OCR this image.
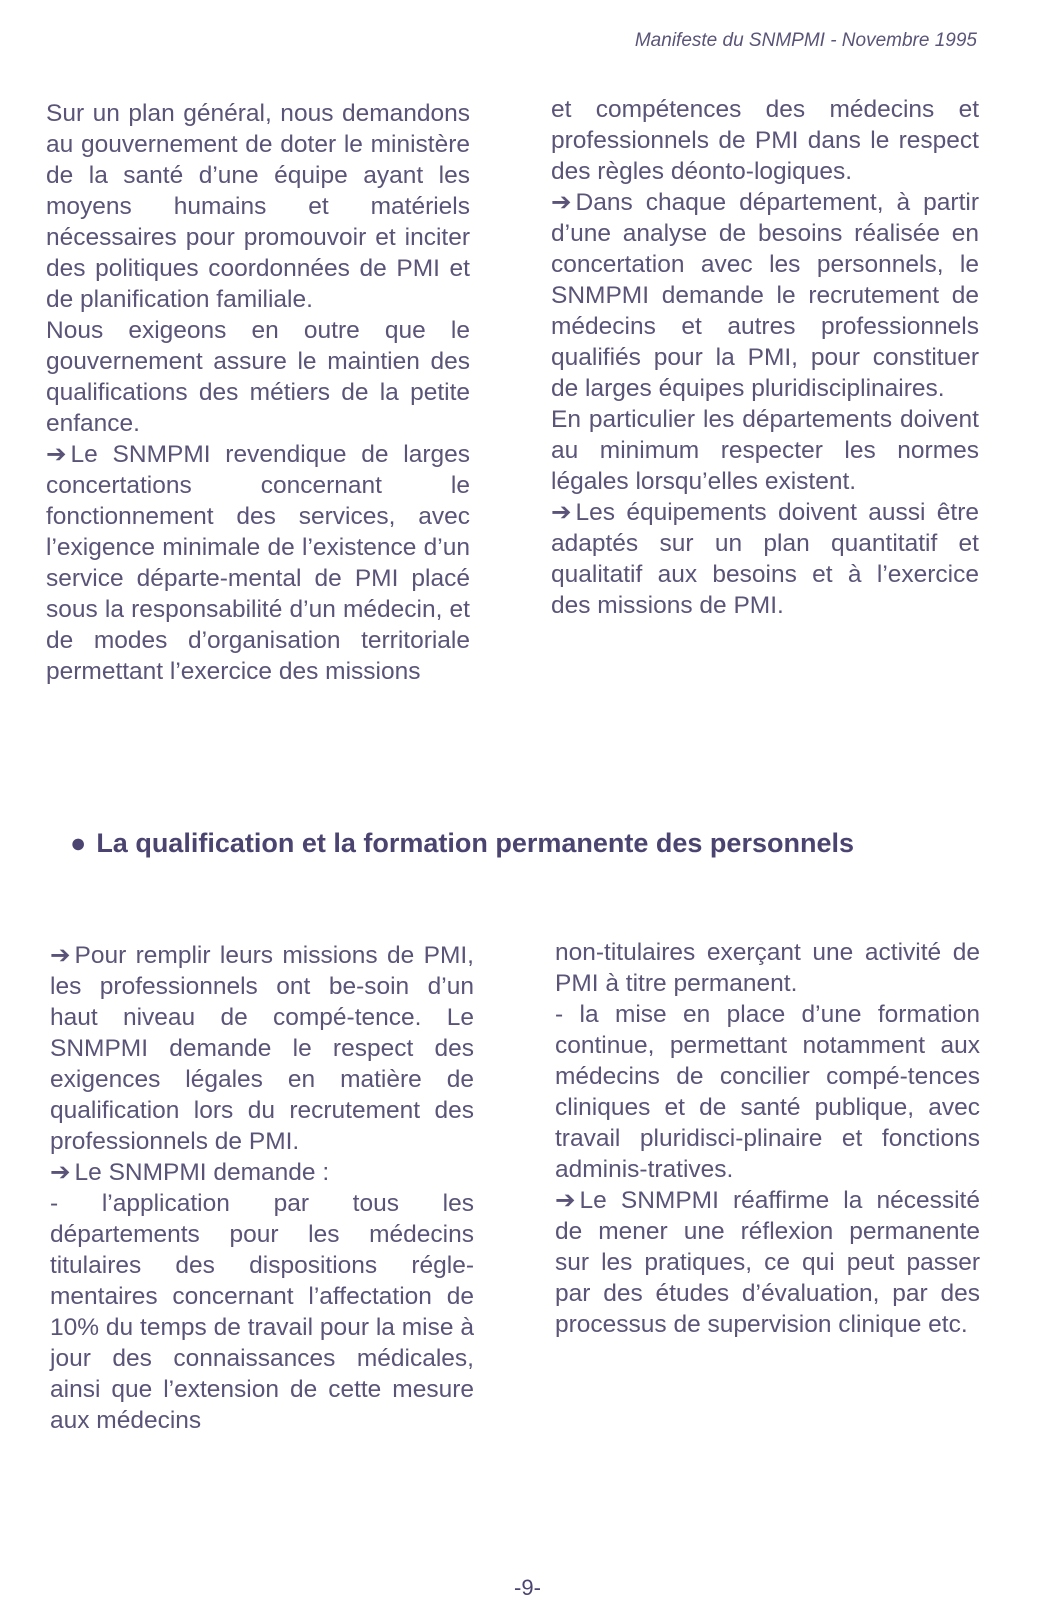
Manifeste du SNMPMI - Novembre 1995

Sur un plan général, nous demandons au gouvernement de doter le ministère de la santé d’une équipe ayant les moyens humains et matériels nécessaires pour promouvoir et inciter des politiques coordonnées de PMI et de planification familiale.

Nous exigeons en outre que le gouvernement assure le maintien des qualifications des métiers de la petite enfance.

➔ Le SNMPMI revendique de larges concertations concernant le fonctionnement des services, avec l’exigence minimale de l’existence d’un service départe-mental de PMI placé sous la responsabilité d’un médecin, et de modes d’organisation territoriale permettant l’exercice des missions

et compétences des médecins et professionnels de PMI dans le respect des règles déonto-logiques.

➔ Dans chaque département, à partir d’une analyse de besoins réalisée en concertation avec les personnels, le SNMPMI demande le recrutement de médecins et autres professionnels qualifiés pour la PMI, pour constituer de larges équipes pluridisciplinaires.

En particulier les départements doivent au minimum respecter les normes légales lorsqu’elles existent.

➔ Les équipements doivent aussi être adaptés sur un plan quantitatif et qualitatif aux besoins et à l’exercice des missions de PMI.

● La qualification et la formation permanente des personnels

➔ Pour remplir leurs missions de PMI, les professionnels ont be-soin d’un haut niveau de compé-tence. Le SNMPMI demande le respect des exigences légales en matière de qualification lors du recrutement des professionnels de PMI.

➔ Le SNMPMI demande :

- l’application par tous les départements pour les médecins titulaires des dispositions régle-mentaires concernant l’affectation de 10% du temps de travail pour la mise à jour des connaissances médicales, ainsi que l’extension de cette mesure aux médecins

non-titulaires exerçant une activité de PMI à titre permanent.

- la mise en place d’une formation continue, permettant notamment aux médecins de concilier compé-tences cliniques et de santé publique, avec travail pluridisci-plinaire et fonctions adminis-tratives.

➔ Le SNMPMI réaffirme la nécessité de mener une réflexion permanente sur les pratiques, ce qui peut passer par des études d’évaluation, par des processus de supervision clinique etc.

-9-
